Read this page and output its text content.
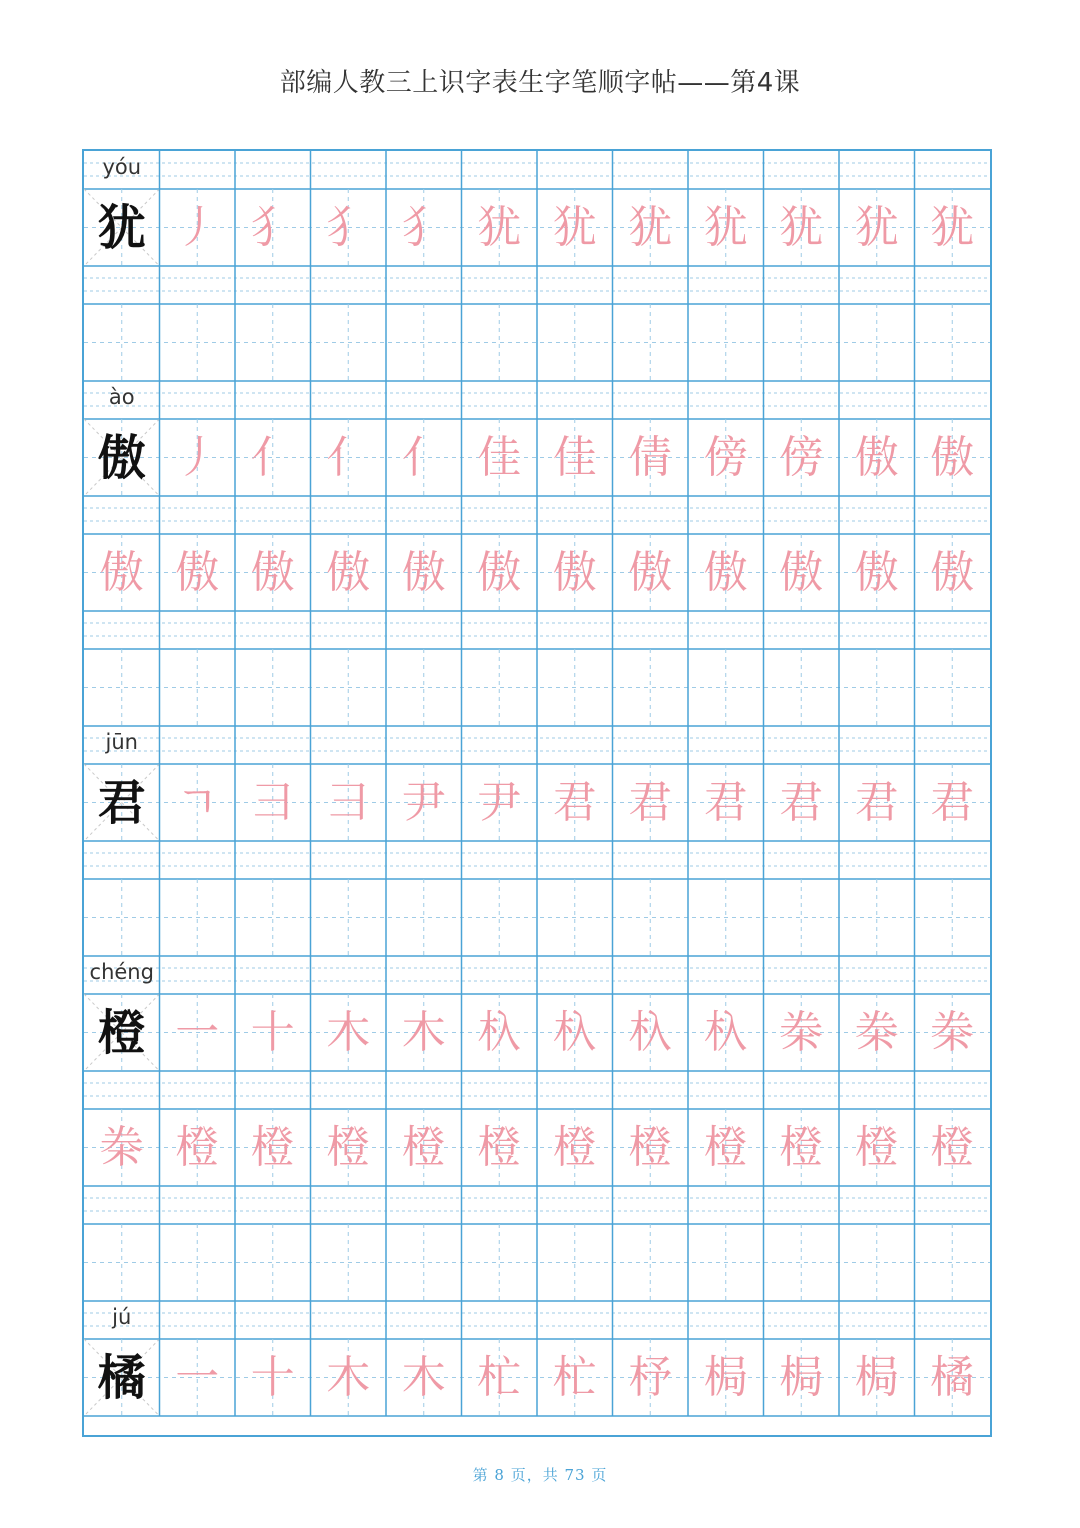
部编人教三上识字表生字笔顺字帖——第4课
yóu
犹 丿 犭 犭 犭 犹 犹 犹 犹 犹 犹 犹
ào
傲 丿 亻 亻 亻 佳 佳 倩 傍 傍 傲 傲
傲 傲 傲 傲 傲 傲 傲 傲 傲 傲 傲 傲
jūn
君 ㄱ ⺕ ⺕ 尹 尹 君 君 君 君 君 君
chéng
橙 一 十 木 木 杁 杁 杁 杁 桊 桊 桊
桊 橙 橙 橙 橙 橙 橙 橙 橙 橙 橙 橙
jú
橘 一 十 木 木 杧 杧 杼 梮 梮 梮 橘
第 8 页，共 73 页
